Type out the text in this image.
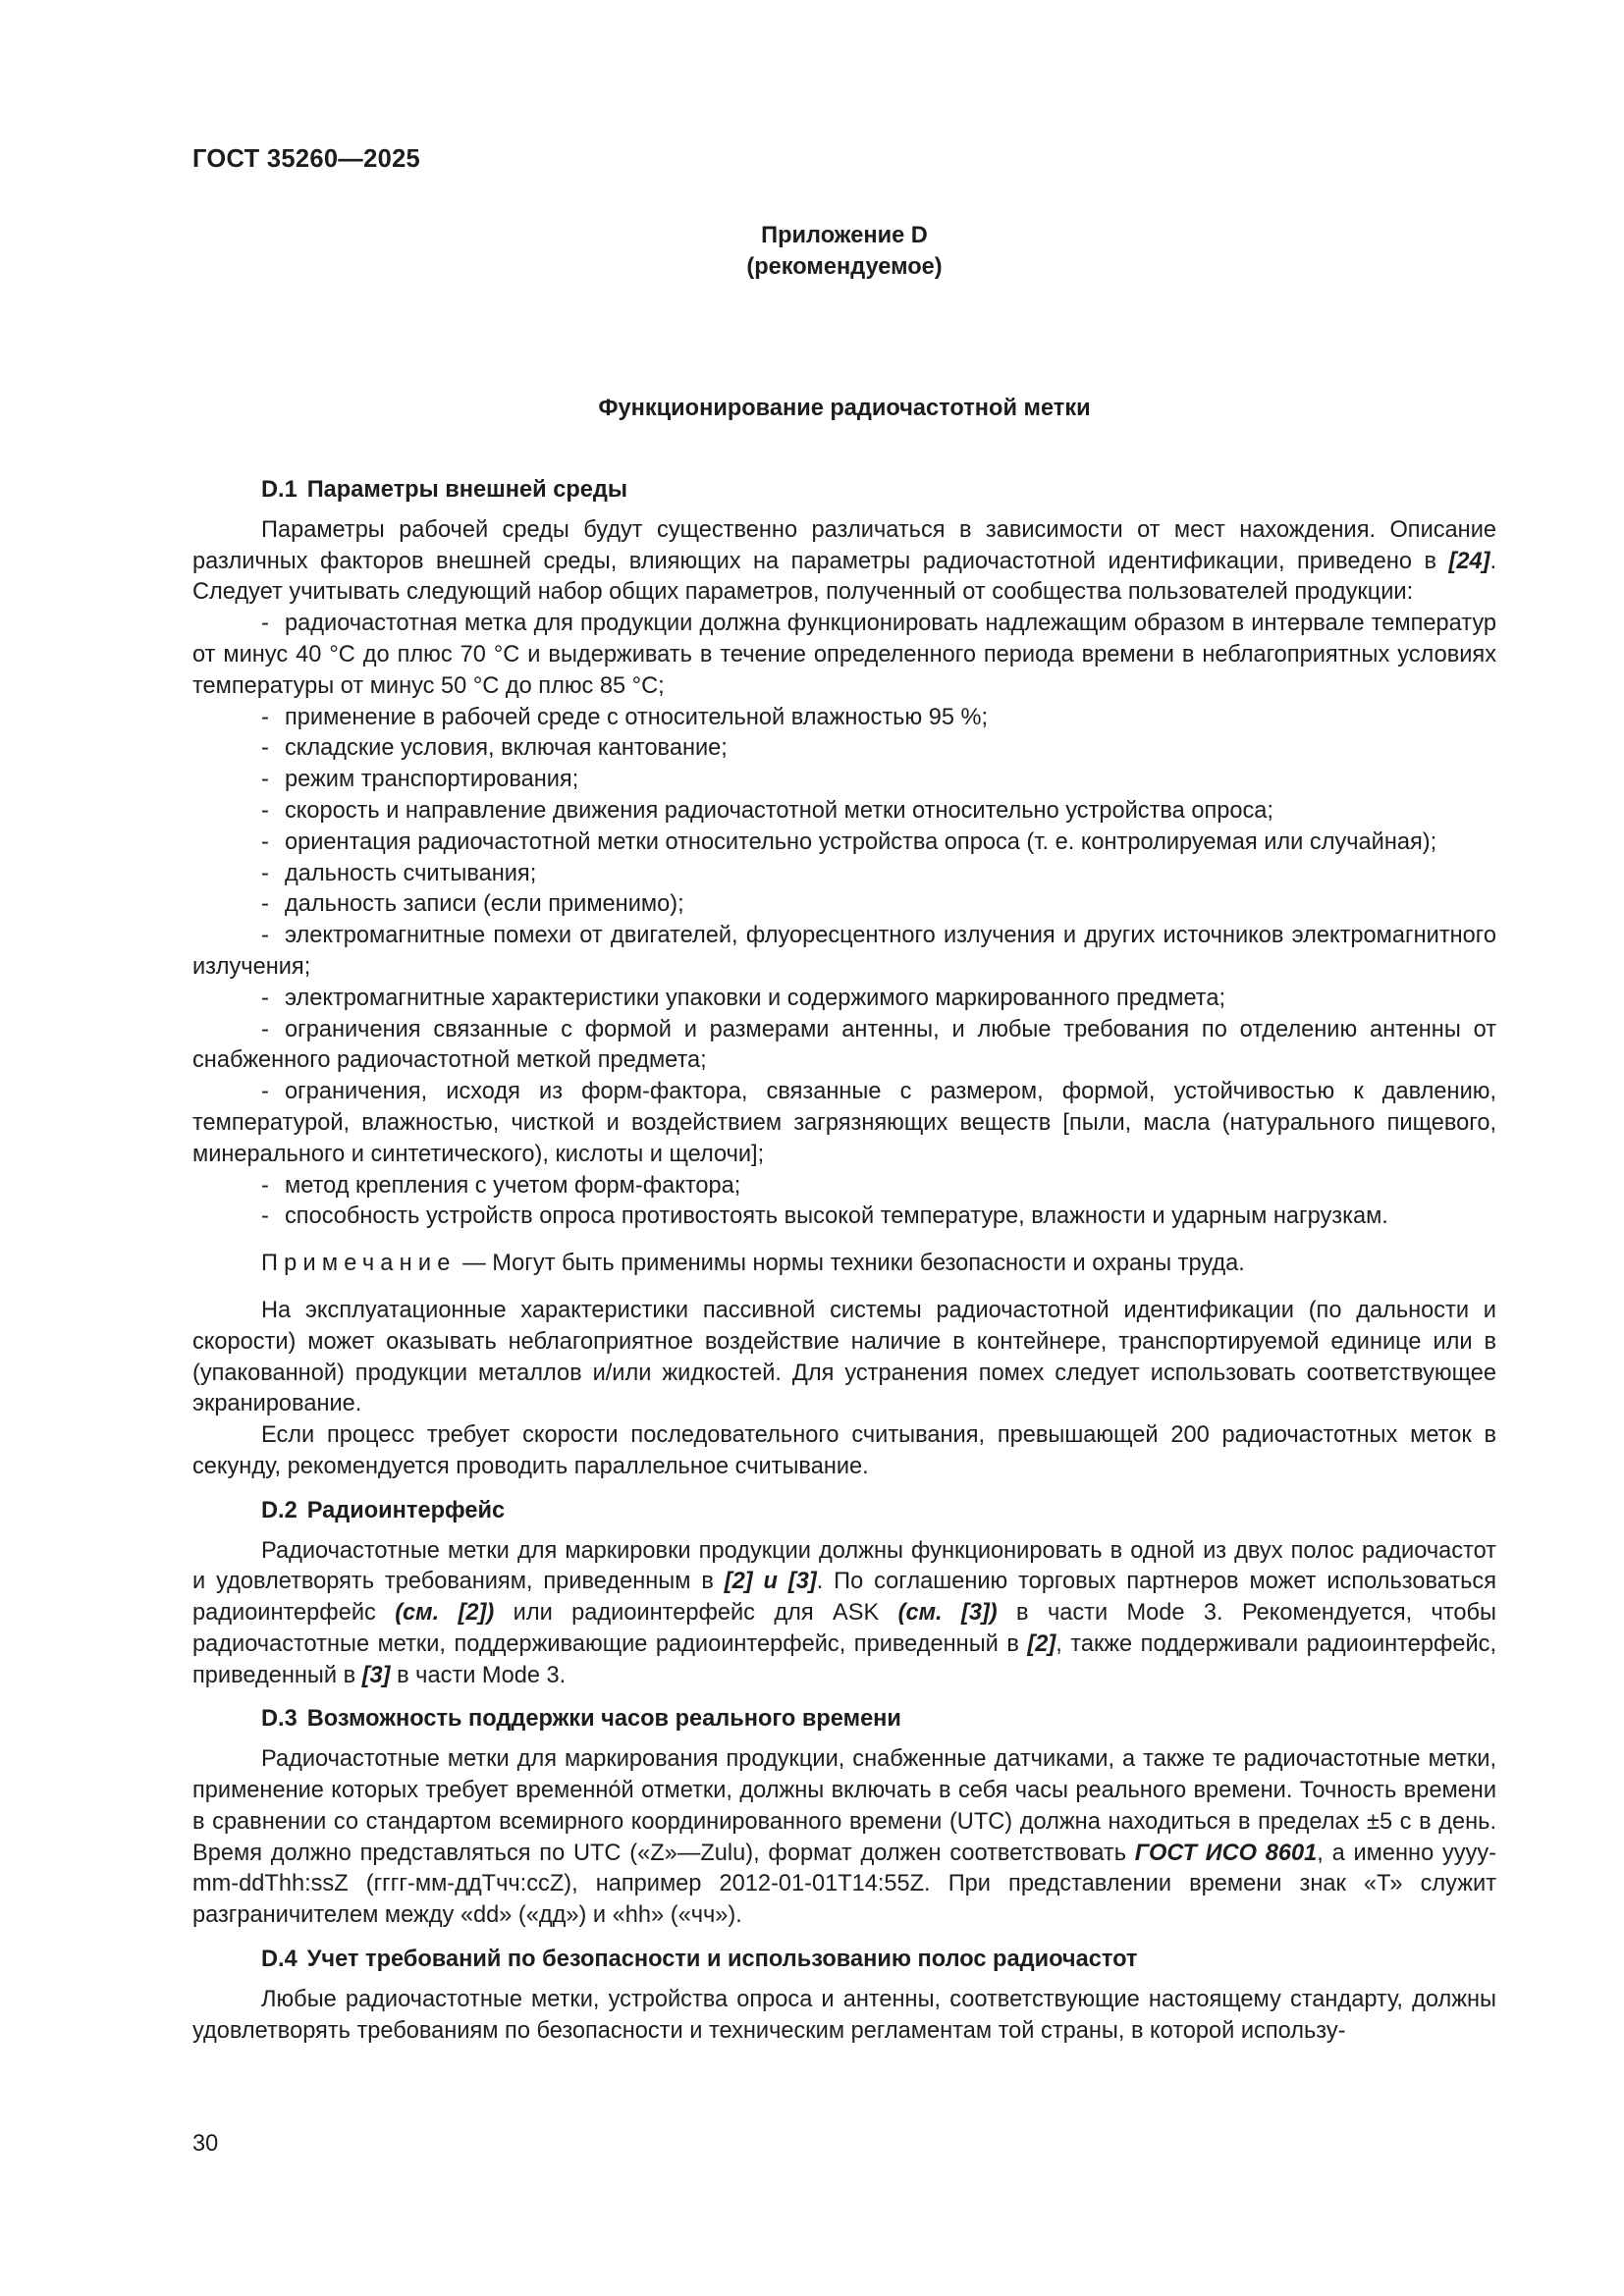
ГОСТ 35260—2025
Приложение D
(рекомендуемое)
Функционирование радиочастотной метки
D.1 Параметры внешней среды

Параметры рабочей среды будут существенно различаться в зависимости от мест нахождения. Описание различных факторов внешней среды, влияющих на параметры радиочастотной идентификации, приведено в [24]. Следует учитывать следующий набор общих параметров, полученный от сообщества пользователей продукции:

- радиочастотная метка для продукции должна функционировать надлежащим образом в интервале температур от минус 40 °С до плюс 70 °С и выдерживать в течение определенного периода времени в неблагоприятных условиях температуры от минус 50 °С до плюс 85 °С;

- применение в рабочей среде с относительной влажностью 95 %;

- складские условия, включая кантование;

- режим транспортирования;

- скорость и направление движения радиочастотной метки относительно устройства опроса;

- ориентация радиочастотной метки относительно устройства опроса (т. е. контролируемая или случайная);

- дальность считывания;

- дальность записи (если применимо);

- электромагнитные помехи от двигателей, флуоресцентного излучения и других источников электромагнитного излучения;

- электромагнитные характеристики упаковки и содержимого маркированного предмета;

- ограничения связанные с формой и размерами антенны, и любые требования по отделению антенны от снабженного радиочастотной меткой предмета;

- ограничения, исходя из форм-фактора, связанные с размером, формой, устойчивостью к давлению, температурой, влажностью, чисткой и воздействием загрязняющих веществ [пыли, масла (натурального пищевого, минерального и синтетического), кислоты и щелочи];

- метод крепления с учетом форм-фактора;

- способность устройств опроса противостоять высокой температуре, влажности и ударным нагрузкам.

Примечание — Могут быть применимы нормы техники безопасности и охраны труда.

На эксплуатационные характеристики пассивной системы радиочастотной идентификации (по дальности и скорости) может оказывать неблагоприятное воздействие наличие в контейнере, транспортируемой единице или в (упакованной) продукции металлов и/или жидкостей. Для устранения помех следует использовать соответствующее экранирование.

Если процесс требует скорости последовательного считывания, превышающей 200 радиочастотных меток в секунду, рекомендуется проводить параллельное считывание.

D.2 Радиоинтерфейс

Радиочастотные метки для маркировки продукции должны функционировать в одной из двух полос радиочастот и удовлетворять требованиям, приведенным в [2] и [3]. По соглашению торговых партнеров может использоваться радиоинтерфейс (см. [2]) или радиоинтерфейс для ASK (см. [3]) в части Mode 3. Рекомендуется, чтобы радиочастотные метки, поддерживающие радиоинтерфейс, приведенный в [2], также поддерживали радиоинтерфейс, приведенный в [3] в части Mode 3.

D.3 Возможность поддержки часов реального времени

Радиочастотные метки для маркирования продукции, снабженные датчиками, а также те радиочастотные метки, применение которых требует временно́й отметки, должны включать в себя часы реального времени. Точность времени в сравнении со стандартом всемирного координированного времени (UTC) должна находиться в пределах ±5 с в день. Время должно представляться по UTC («Z»—Zulu), формат должен соответствовать ГОСТ ИСО 8601, а именно yyyy-mm-ddThh:ssZ (гггг-мм-ддТчч:ccZ), например 2012-01-01T14:55Z. При представлении времени знак «Т» служит разграничителем между «dd» («дд») и «hh» («чч»).

D.4 Учет требований по безопасности и использованию полос радиочастот

Любые радиочастотные метки, устройства опроса и антенны, соответствующие настоящему стандарту, должны удовлетворять требованиям по безопасности и техническим регламентам той страны, в которой использу-

30
